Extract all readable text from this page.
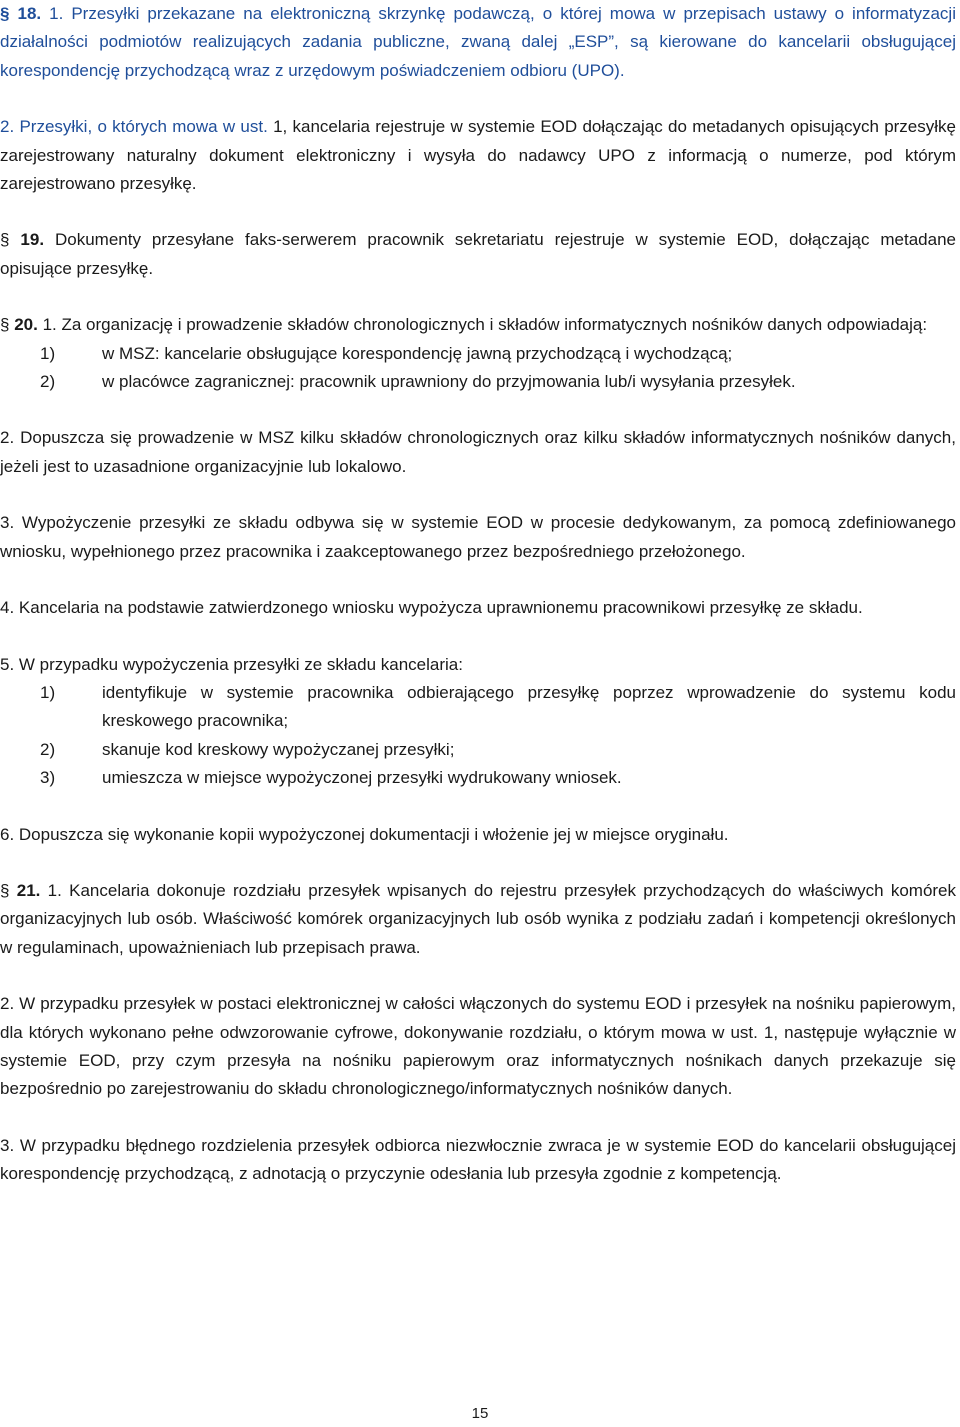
§ 18. 1. Przesyłki przekazane na elektroniczną skrzynkę podawczą, o której mowa w przepisach ustawy o informatyzacji działalności podmiotów realizujących zadania publiczne, zwaną dalej „ESP”, są kierowane do kancelarii obsługującej korespondencję przychodzącą wraz z urzędowym poświadczeniem odbioru (UPO).

2. Przesyłki, o których mowa w ust. 1, kancelaria rejestruje w systemie EOD dołączając do metadanych opisujących przesyłkę zarejestrowany naturalny dokument elektroniczny i wysyła do nadawcy UPO z informacją o numerze, pod którym zarejestrowano przesyłkę.

§ 19. Dokumenty przesyłane faks-serwerem pracownik sekretariatu rejestruje w systemie EOD, dołączając metadane opisujące przesyłkę.

§ 20. 1. Za organizację i prowadzenie składów chronologicznych i składów informatycznych nośników danych odpowiadają:

1)	w MSZ: kancelarie obsługujące korespondencję jawną przychodzącą i wychodzącą;

2)	w placówce zagranicznej: pracownik uprawniony do przyjmowania lub/i wysyłania przesyłek.

2. Dopuszcza się prowadzenie w MSZ kilku składów chronologicznych oraz kilku składów informatycznych nośników danych, jeżeli jest to uzasadnione organizacyjnie lub lokalowo.

3. Wypożyczenie przesyłki ze składu odbywa się w systemie EOD w procesie dedykowanym, za pomocą zdefiniowanego wniosku, wypełnionego przez pracownika i zaakceptowanego przez bezpośredniego przełożonego.

4. Kancelaria na podstawie zatwierdzonego wniosku wypożycza uprawnionemu pracownikowi przesyłkę ze składu.

5. W przypadku wypożyczenia przesyłki ze składu kancelaria:

1)	identyfikuje w systemie pracownika odbierającego przesyłkę poprzez wprowadzenie do systemu kodu kreskowego pracownika;

2)	skanuje kod kreskowy wypożyczanej przesyłki;

3)	umieszcza w miejsce wypożyczonej przesyłki wydrukowany wniosek.

6. Dopuszcza się wykonanie kopii wypożyczonej dokumentacji i włożenie jej w miejsce oryginału.

§ 21. 1. Kancelaria dokonuje rozdziału przesyłek wpisanych do rejestru przesyłek przychodzących do właściwych komórek organizacyjnych lub osób. Właściwość komórek organizacyjnych lub osób wynika z podziału zadań i kompetencji określonych w regulaminach, upoważnieniach lub przepisach prawa.

2. W przypadku przesyłek w postaci elektronicznej w całości włączonych do systemu EOD i przesyłek na nośniku papierowym, dla których wykonano pełne odwzorowanie cyfrowe, dokonywanie rozdziału, o którym mowa w ust. 1, następuje wyłącznie w systemie EOD, przy czym przesyła na nośniku papierowym oraz informatycznych nośnikach danych przekazuje się bezpośrednio po zarejestrowaniu do składu chronologicznego/informatycznych nośników danych.

3. W przypadku błędnego rozdzielenia przesyłek odbiorca niezwłocznie zwraca je w systemie EOD do kancelarii obsługującej korespondencję przychodzącą, z adnotacją o przyczynie odesłania lub przesyła zgodnie z kompetencją.

15
